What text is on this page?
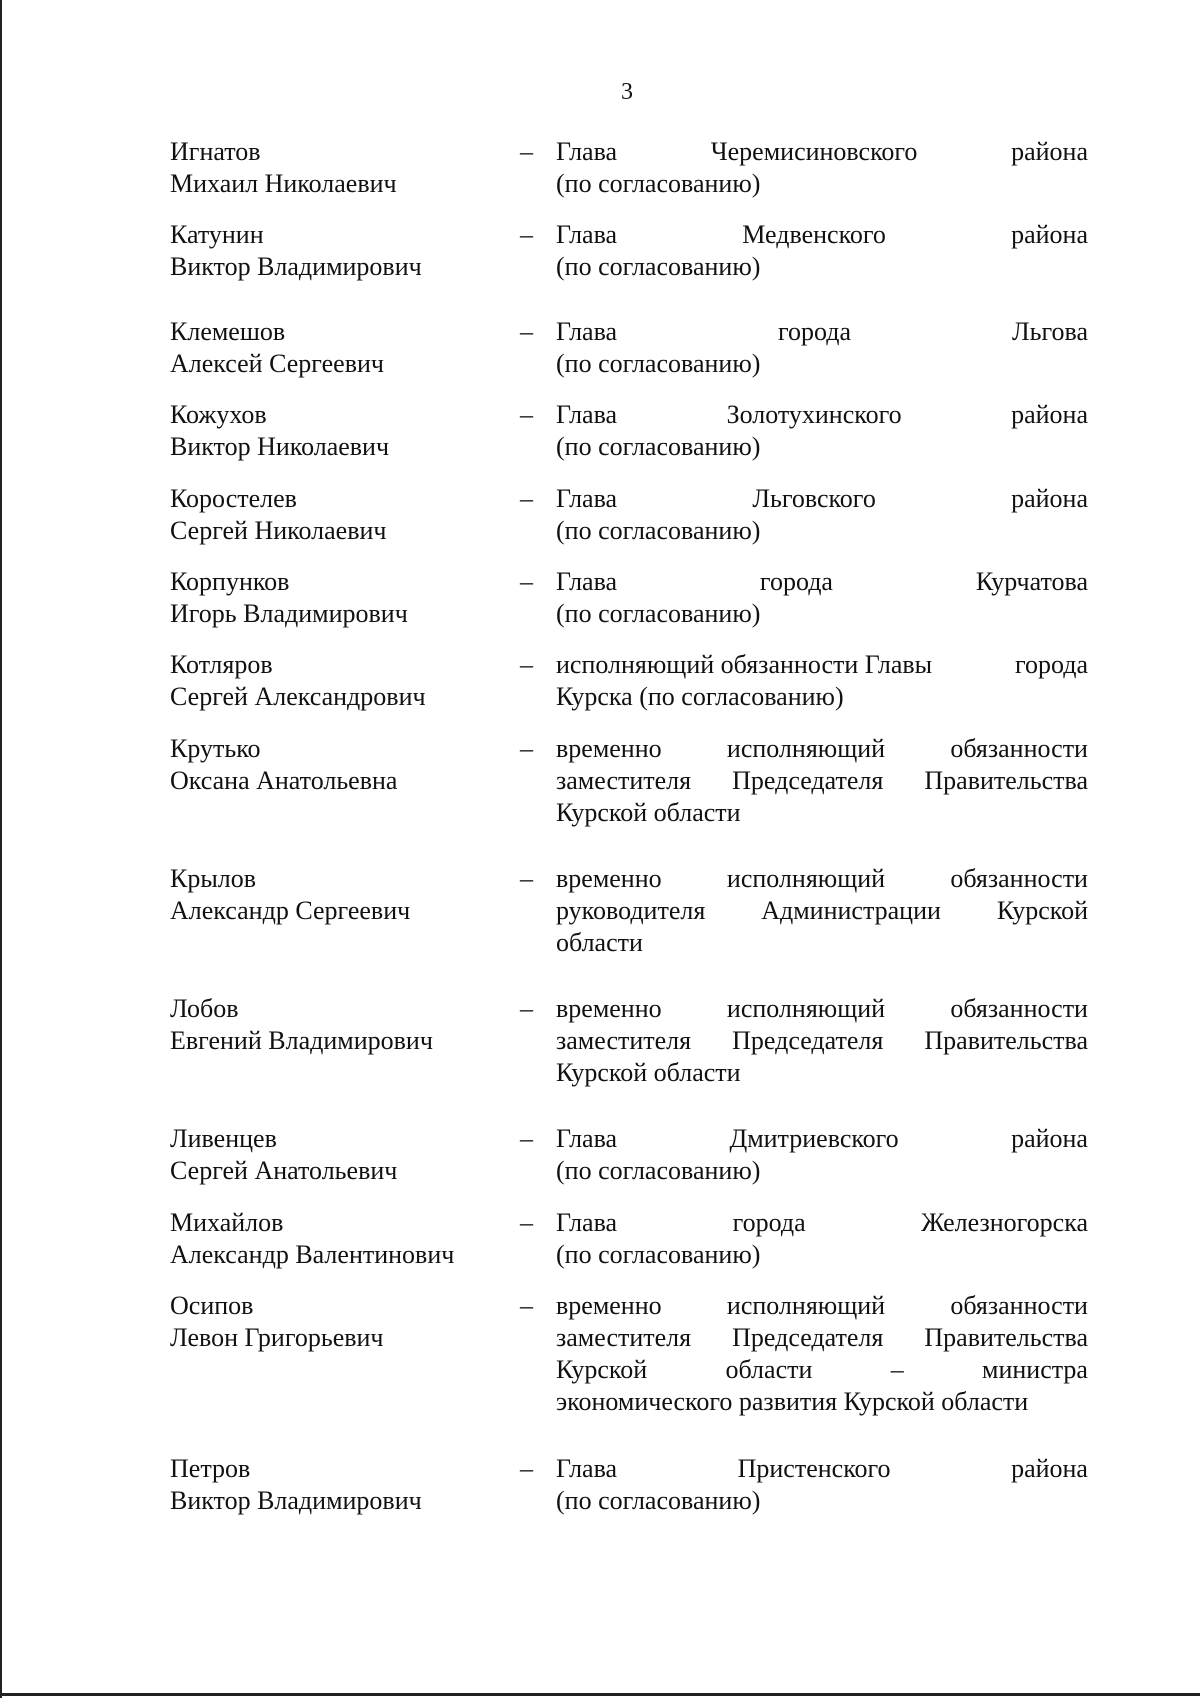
3
Игнатов
Михаил Николаевич
– Глава	Черемисиновского	района
(по согласованию)
Катунин
Виктор Владимирович
– Глава	Медвенского	района
(по согласованию)
Клемешов
Алексей Сергеевич
– Глава	города	Льгова
(по согласованию)
Кожухов
Виктор Николаевич
– Глава	Золотухинского	района
(по согласованию)
Коростелев
Сергей Николаевич
– Глава	Льговского	района
(по согласованию)
Корпунков
Игорь Владимирович
– Глава	города	Курчатова
(по согласованию)
Котляров
Сергей Александрович
– исполняющий обязанности Главы	города
Курска (по согласованию)
Крутько
Оксана Анатольевна
– временно	исполняющий	обязанности
заместителя Председателя Правительства
Курской области
Крылов
Александр Сергеевич
– временно	исполняющий	обязанности
руководителя Администрации Курской
области
Лобов
Евгений Владимирович
– временно	исполняющий	обязанности
заместителя Председателя Правительства
Курской области
Ливенцев
Сергей Анатольевич
– Глава	Дмитриевского	района
(по согласованию)
Михайлов
Александр Валентинович
– Глава	города	Железногорска
(по согласованию)
Осипов
Левон Григорьевич
– временно	исполняющий	обязанности
заместителя Председателя Правительства
Курской	области	–	министра
экономического развития Курской области
Петров
Виктор Владимирович
– Глава	Пристенского	района
(по согласованию)
